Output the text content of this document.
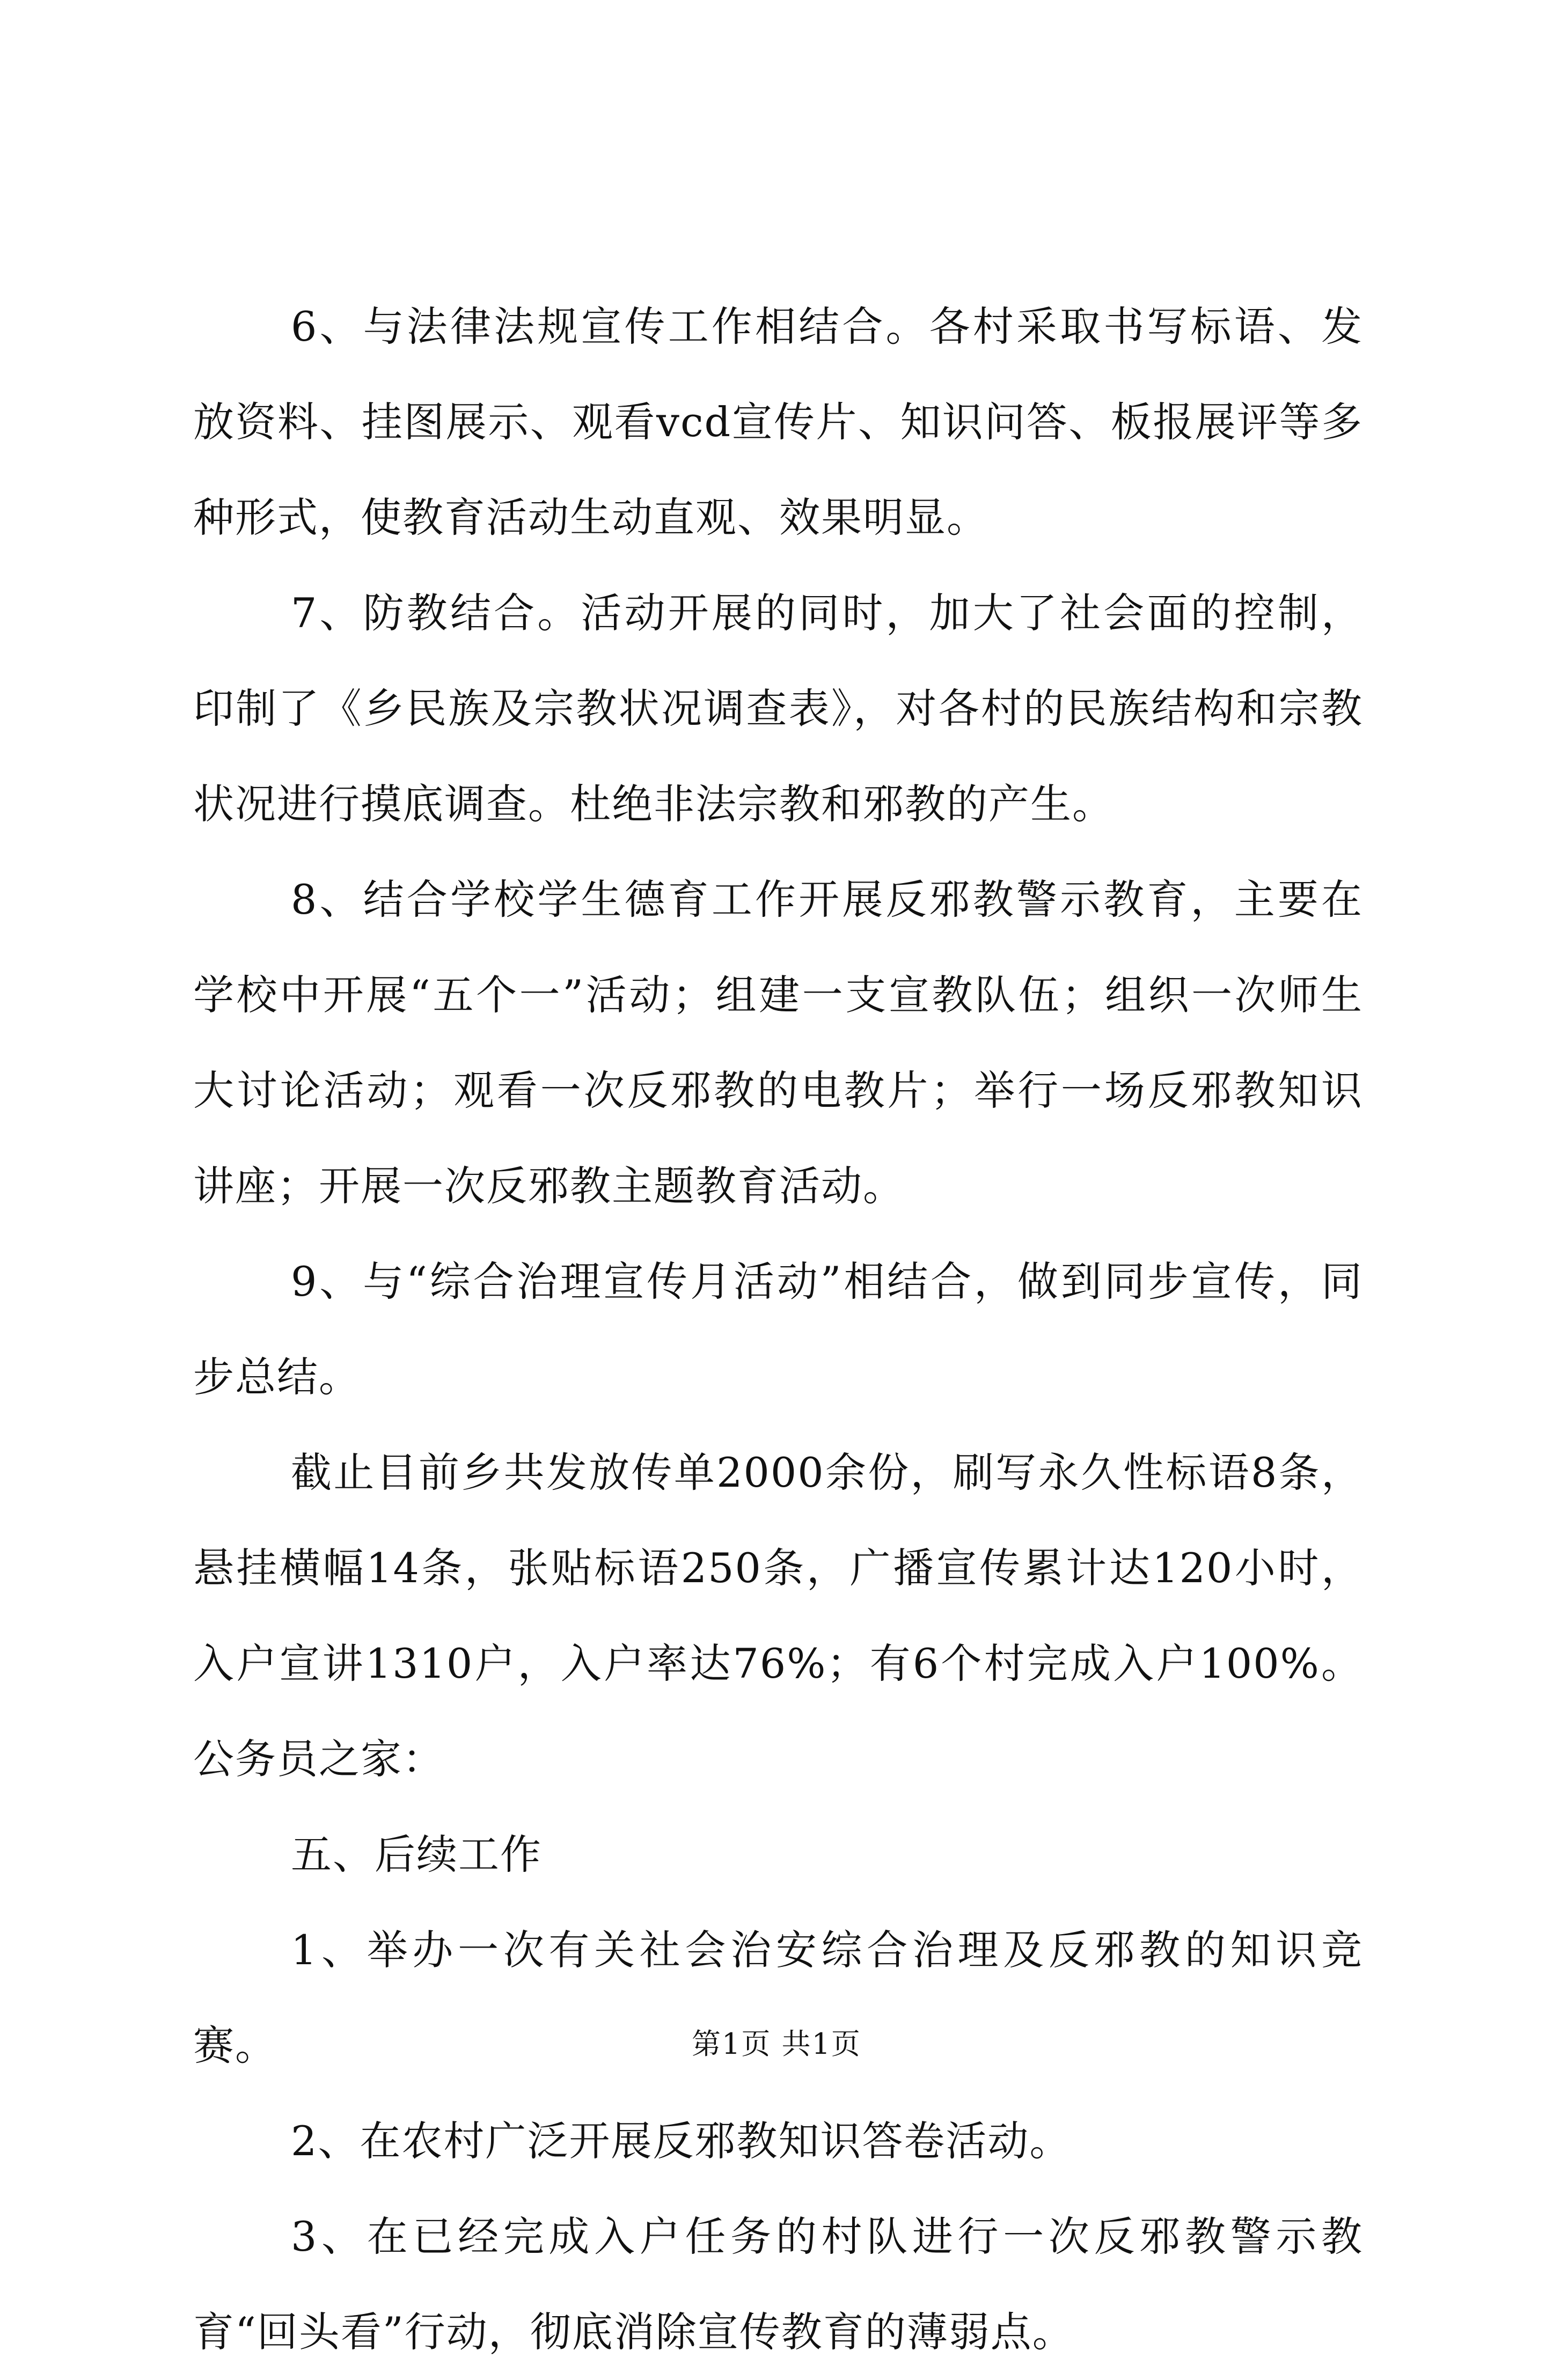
6、与法律法规宣传工作相结合。各村采取书写标语、发放资料、挂图展示、观看vcd宣传片、知识问答、板报展评等多种形式，使教育活动生动直观、效果明显。

7、防教结合。活动开展的同时，加大了社会面的控制，印制了《乡民族及宗教状况调查表》，对各村的民族结构和宗教状况进行摸底调查。杜绝非法宗教和邪教的产生。

8、结合学校学生德育工作开展反邪教警示教育，主要在学校中开展“五个一”活动；组建一支宣教队伍；组织一次师生大讨论活动；观看一次反邪教的电教片；举行一场反邪教知识讲座；开展一次反邪教主题教育活动。

9、与“综合治理宣传月活动”相结合，做到同步宣传，同步总结。

截止目前乡共发放传单2000余份，刷写永久性标语8条，悬挂横幅14条，张贴标语250条，广播宣传累计达120小时，入户宣讲1310户，入户率达76%；有6个村完成入户100%。公务员之家：

五、后续工作

1、举办一次有关社会治安综合治理及反邪教的知识竞赛。

2、在农村广泛开展反邪教知识答卷活动。

3、在已经完成入户任务的村队进行一次反邪教警示教育“回头看”行动，彻底消除宣传教育的薄弱点。

第1页 共1页
